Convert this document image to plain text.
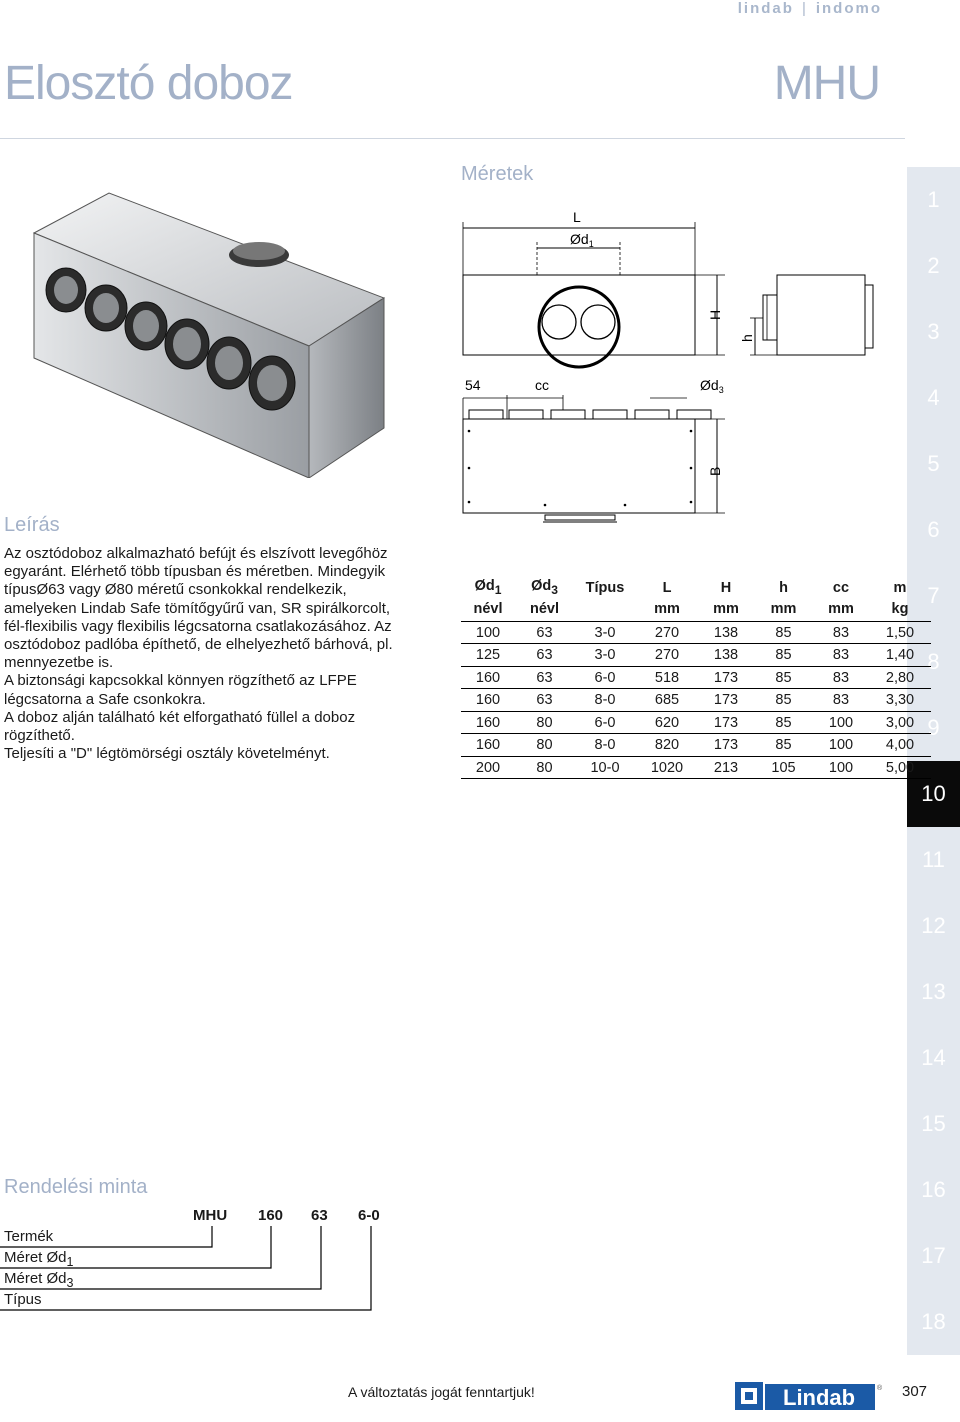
lindab | indomo
Elosztó doboz	MHU
1
2
3
4
5
6
7
8
9
10
11
12
13
14
15
16
17
18
Méretek
L
$Ød_1$
H
h
54	cc	$Ød_3$
B
Leírás

Az osztódoboz alkalmazható befújt és elszívott levegőhöz egyaránt. Elérhető több típusban és méretben. Mindegyik típusØ63 vagy Ø80 méretű csonkokkal rendelkezik, amelyeken Lindab Safe tömítőgyűrű van, SR spirálkorcolt, fél-flexibilis vagy flexibilis légcsatorna csatlakozásához. Az osztódoboz padlóba építhető, de elhelyezhető bárhová, pl. mennyezetbe is.

A biztonsági kapcsokkal könnyen rögzíthető az LFPE légcsatorna a Safe csonkokra.

A doboz alján található két elforgatható füllel a doboz rögzíthető.

Teljesíti a "D" légtömörségi osztály követelményt.

$Ød_1$	$Ød_3$	Típus	L	H	h	cc	m
névl	névl		mm	mm	mm	mm	kg
100	63	3-0	270	138	85	83	1,50
125	63	3-0	270	138	85	83	1,40
160	63	6-0	518	173	85	83	2,80
160	63	8-0	685	173	85	83	3,30
160	80	6-0	620	173	85	100	3,00
160	80	8-0	820	173	85	100	4,00
200	80	10-0	1020	213	105	100	5,00
Rendelési minta
MHU 160 63 6-0
Termék
Méret $Ød_1$
Méret $Ød_3$
Típus
A változtatás jogát fenntartjuk!	Lindab	® 307
